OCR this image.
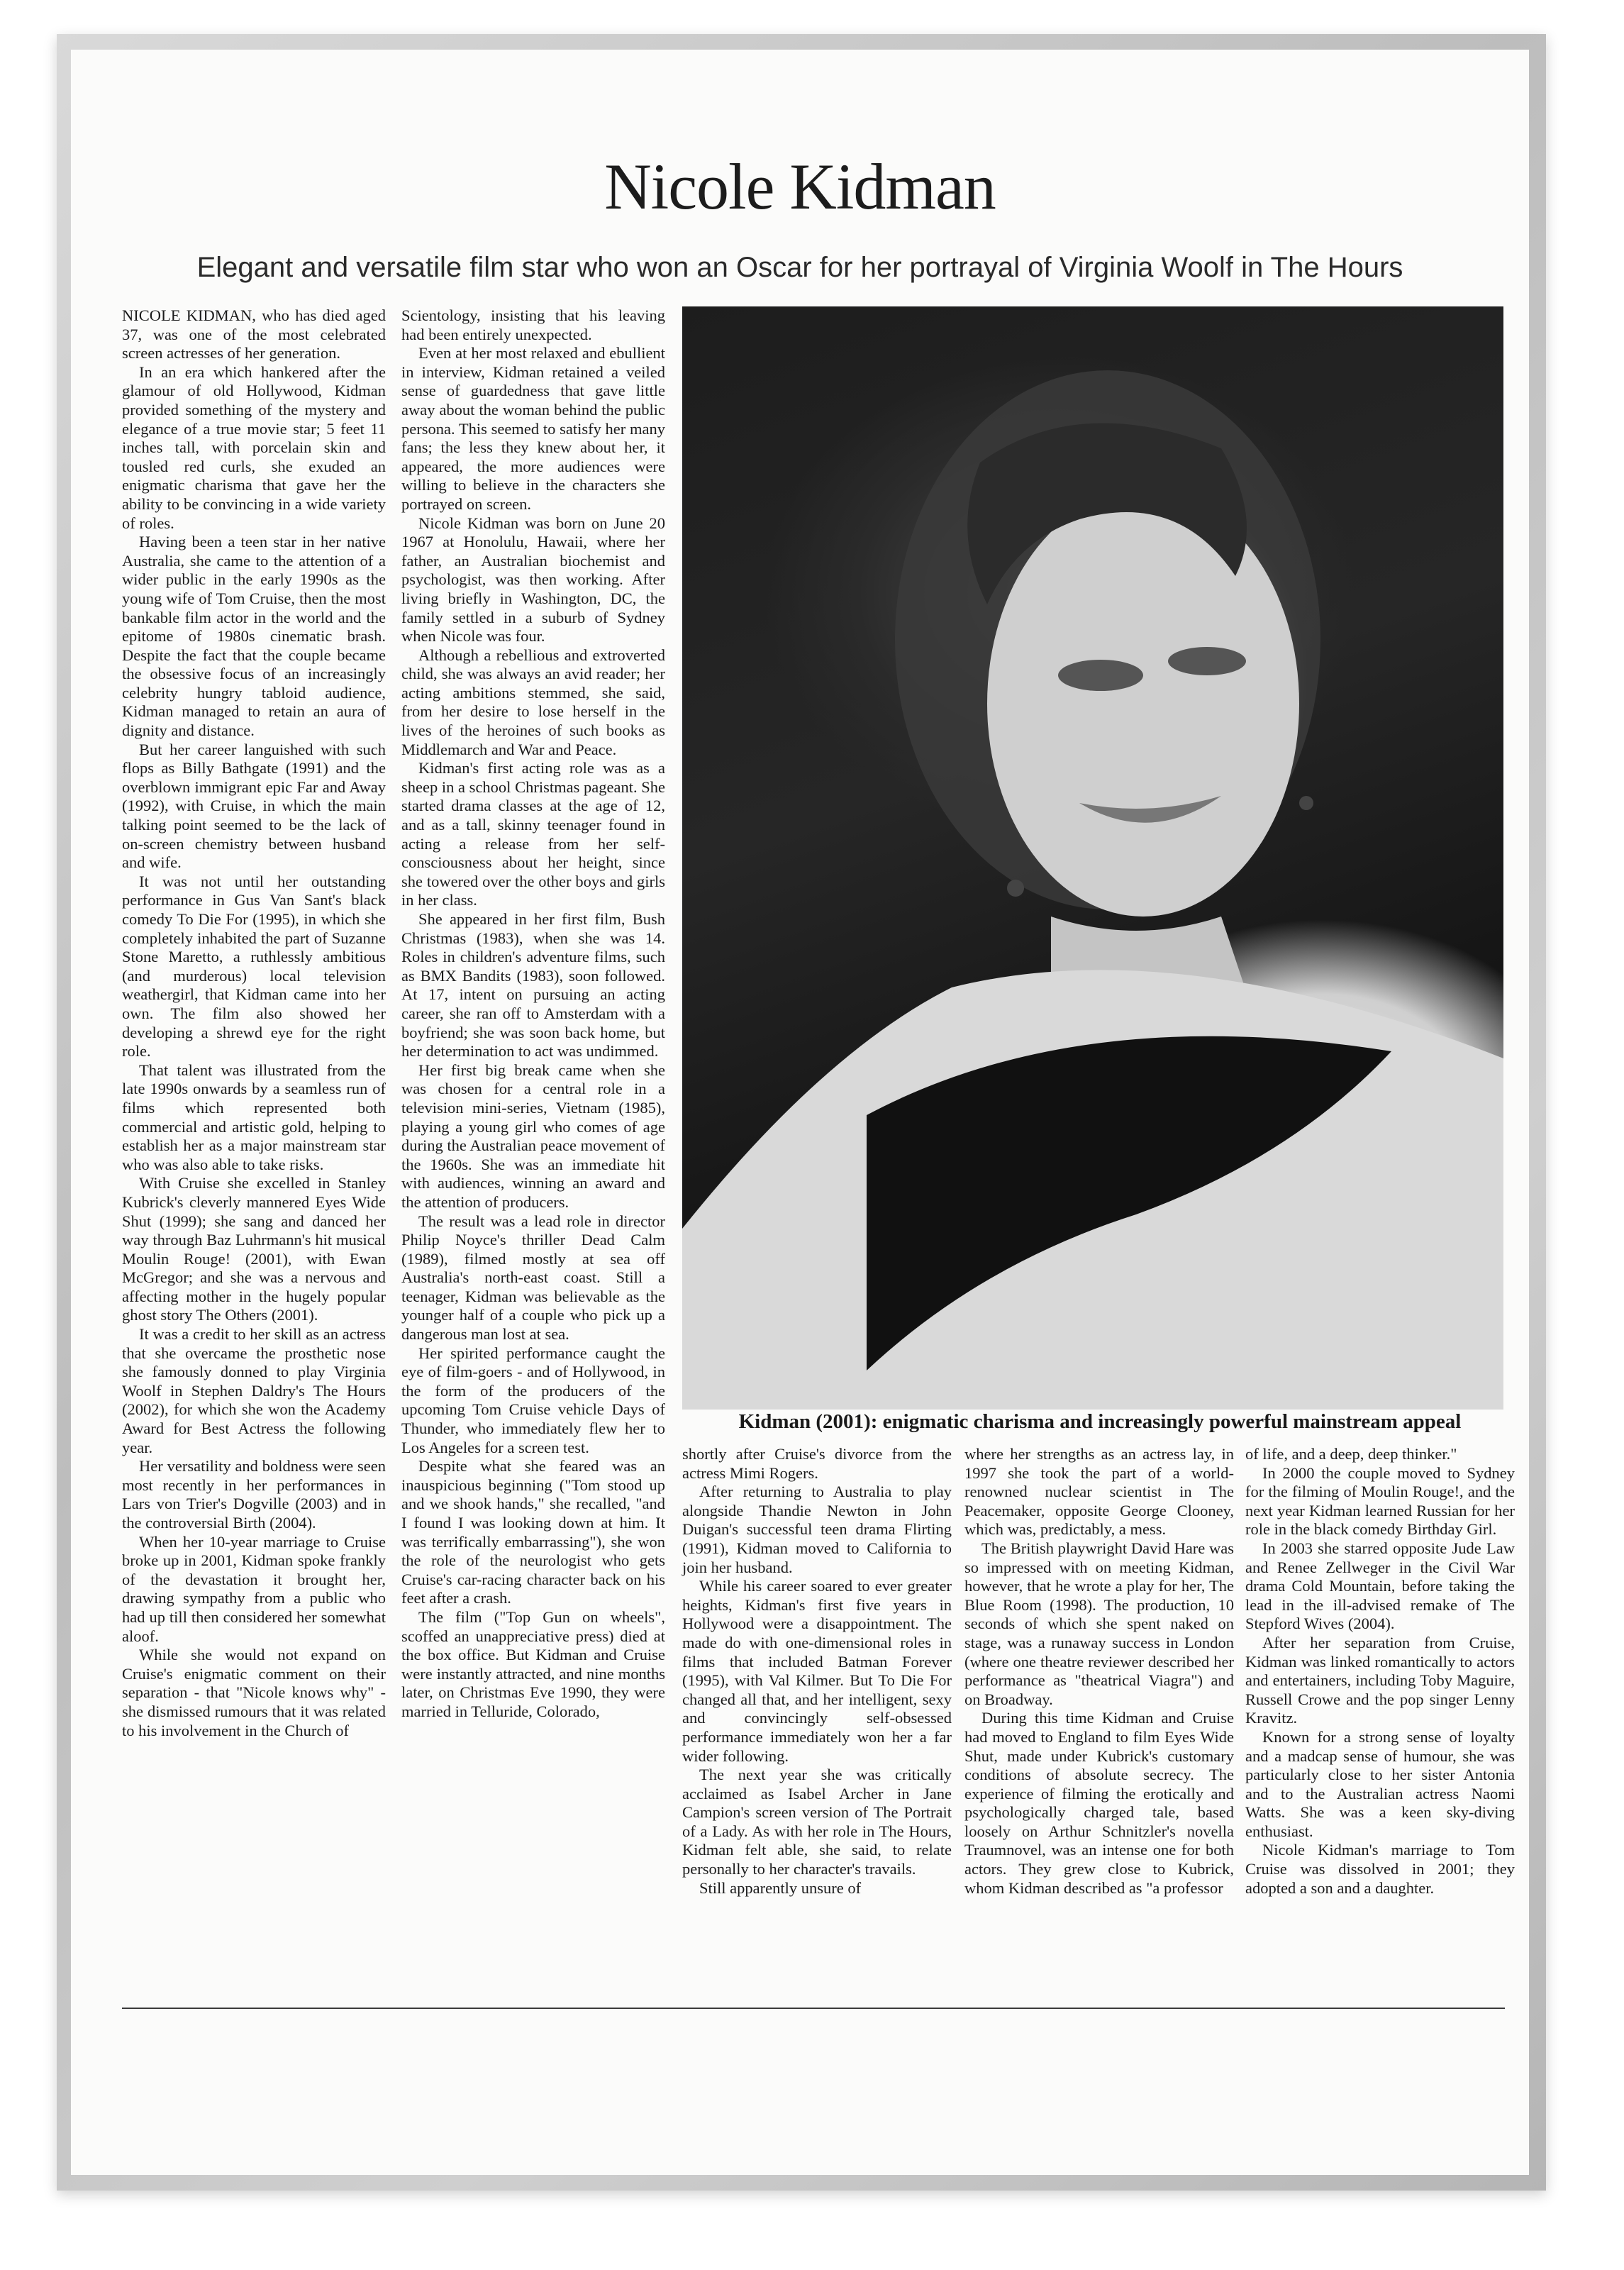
Nicole Kidman
Elegant and versatile film star who won an Oscar for her portrayal of Virginia Woolf in The Hours

NICOLE KIDMAN, who has died aged 37, was one of the most celebrated screen actresses of her generation.

In an era which hankered after the glamour of old Hollywood, Kidman provided something of the mystery and elegance of a true movie star; 5 feet 11 inches tall, with porcelain skin and tousled red curls, she exuded an enigmatic charisma that gave her the ability to be convincing in a wide variety of roles.

Having been a teen star in her native Australia, she came to the attention of a wider public in the early 1990s as the young wife of Tom Cruise, then the most bankable film actor in the world and the epitome of 1980s cinematic brash. Despite the fact that the couple became the obsessive focus of an increasingly celebrity hungry tabloid audience, Kidman managed to retain an aura of dignity and distance.

But her career languished with such flops as Billy Bathgate (1991) and the overblown immigrant epic Far and Away (1992), with Cruise, in which the main talking point seemed to be the lack of on-screen chemistry between husband and wife.

It was not until her outstanding performance in Gus Van Sant's black comedy To Die For (1995), in which she completely inhabited the part of Suzanne Stone Maretto, a ruthlessly ambitious (and murderous) local television weathergirl, that Kidman came into her own. The film also showed her developing a shrewd eye for the right role.

That talent was illustrated from the late 1990s onwards by a seamless run of films which represented both commercial and artistic gold, helping to establish her as a major mainstream star who was also able to take risks.

With Cruise she excelled in Stanley Kubrick's cleverly mannered Eyes Wide Shut (1999); she sang and danced her way through Baz Luhrmann's hit musical Moulin Rouge! (2001), with Ewan McGregor; and she was a nervous and affecting mother in the hugely popular ghost story The Others (2001).

It was a credit to her skill as an actress that she overcame the prosthetic nose she famously donned to play Virginia Woolf in Stephen Daldry's The Hours (2002), for which she won the Academy Award for Best Actress the following year.

Her versatility and boldness were seen most recently in her performances in Lars von Trier's Dogville (2003) and in the controversial Birth (2004).

When her 10-year marriage to Cruise broke up in 2001, Kidman spoke frankly of the devastation it brought her, drawing sympathy from a public who had up till then considered her somewhat aloof.

While she would not expand on Cruise's enigmatic comment on their separation - that "Nicole knows why" - she dismissed rumours that it was related to his involvement in the Church of

Scientology, insisting that his leaving had been entirely unexpected.

Even at her most relaxed and ebullient in interview, Kidman retained a veiled sense of guardedness that gave little away about the woman behind the public persona. This seemed to satisfy her many fans; the less they knew about her, it appeared, the more audiences were willing to believe in the characters she portrayed on screen.

Nicole Kidman was born on June 20 1967 at Honolulu, Hawaii, where her father, an Australian biochemist and psychologist, was then working. After living briefly in Washington, DC, the family settled in a suburb of Sydney when Nicole was four.

Although a rebellious and extroverted child, she was always an avid reader; her acting ambitions stemmed, she said, from her desire to lose herself in the lives of the heroines of such books as Middlemarch and War and Peace.

Kidman's first acting role was as a sheep in a school Christmas pageant. She started drama classes at the age of 12, and as a tall, skinny teenager found in acting a release from her self-consciousness about her height, since she towered over the other boys and girls in her class.

She appeared in her first film, Bush Christmas (1983), when she was 14. Roles in children's adventure films, such as BMX Bandits (1983), soon followed. At 17, intent on pursuing an acting career, she ran off to Amsterdam with a boyfriend; she was soon back home, but her determination to act was undimmed.

Her first big break came when she was chosen for a central role in a television mini-series, Vietnam (1985), playing a young girl who comes of age during the Australian peace movement of the 1960s. She was an immediate hit with audiences, winning an award and the attention of producers.

The result was a lead role in director Philip Noyce's thriller Dead Calm (1989), filmed mostly at sea off Australia's north-east coast. Still a teenager, Kidman was believable as the younger half of a couple who pick up a dangerous man lost at sea.

Her spirited performance caught the eye of film-goers - and of Hollywood, in the form of the producers of the upcoming Tom Cruise vehicle Days of Thunder, who immediately flew her to Los Angeles for a screen test.

Despite what she feared was an inauspicious beginning ("Tom stood up and we shook hands," she recalled, "and I found I was looking down at him. It was terrifically embarrassing"), she won the role of the neurologist who gets Cruise's car-racing character back on his feet after a crash.

The film ("Top Gun on wheels", scoffed an unappreciative press) died at the box office. But Kidman and Cruise were instantly attracted, and nine months later, on Christmas Eve 1990, they were married in Telluride, Colorado,

Kidman (2001): enigmatic charisma and increasingly powerful mainstream appeal

shortly after Cruise's divorce from the actress Mimi Rogers.

After returning to Australia to play alongside Thandie Newton in John Duigan's successful teen drama Flirting (1991), Kidman moved to California to join her husband.

While his career soared to ever greater heights, Kidman's first five years in Hollywood were a disappointment. The made do with one-dimensional roles in films that included Batman Forever (1995), with Val Kilmer. But To Die For changed all that, and her intelligent, sexy and convincingly self-obsessed performance immediately won her a far wider following.

The next year she was critically acclaimed as Isabel Archer in Jane Campion's screen version of The Portrait of a Lady. As with her role in The Hours, Kidman felt able, she said, to relate personally to her character's travails.

Still apparently unsure of

where her strengths as an actress lay, in 1997 she took the part of a world-renowned nuclear scientist in The Peacemaker, opposite George Clooney, which was, predictably, a mess.

The British playwright David Hare was so impressed with on meeting Kidman, however, that he wrote a play for her, The Blue Room (1998). The production, 10 seconds of which she spent naked on stage, was a runaway success in London (where one theatre reviewer described her performance as "theatrical Viagra") and on Broadway.

During this time Kidman and Cruise had moved to England to film Eyes Wide Shut, made under Kubrick's customary conditions of absolute secrecy. The experience of filming the erotically and psychologically charged tale, based loosely on Arthur Schnitzler's novella Traumnovel, was an intense one for both actors. They grew close to Kubrick, whom Kidman described as "a professor

of life, and a deep, deep thinker."

In 2000 the couple moved to Sydney for the filming of Moulin Rouge!, and the next year Kidman learned Russian for her role in the black comedy Birthday Girl.

In 2003 she starred opposite Jude Law and Renee Zellweger in the Civil War drama Cold Mountain, before taking the lead in the ill-advised remake of The Stepford Wives (2004).

After her separation from Cruise, Kidman was linked romantically to actors and entertainers, including Toby Maguire, Russell Crowe and the pop singer Lenny Kravitz.

Known for a strong sense of loyalty and a madcap sense of humour, she was particularly close to her sister Antonia and to the Australian actress Naomi Watts. She was a keen sky-diving enthusiast.

Nicole Kidman's marriage to Tom Cruise was dissolved in 2001; they adopted a son and a daughter.
